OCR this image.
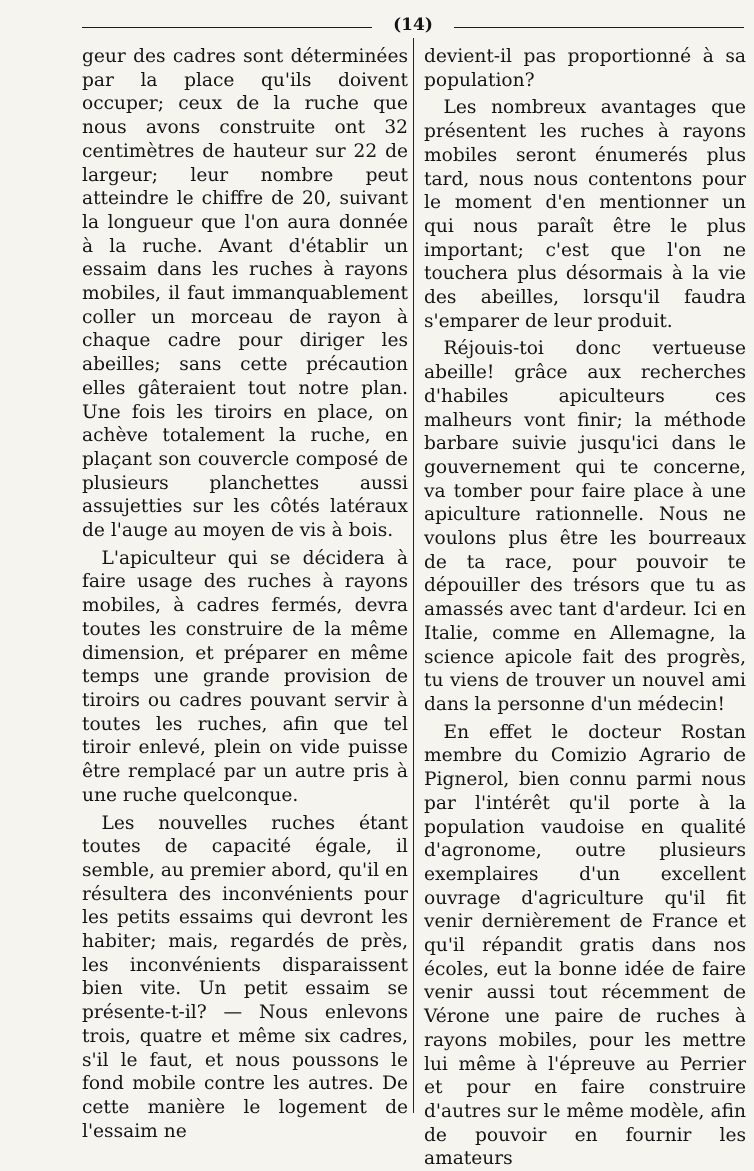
(14)

geur des cadres sont déterminées par la place qu'ils doivent occuper; ceux de la ruche que nous avons construite ont 32 centimètres de hauteur sur 22 de largeur; leur nombre peut atteindre le chiffre de 20, suivant la longueur que l'on aura donnée à la ruche. Avant d'établir un essaim dans les ruches à rayons mobiles, il faut immanquablement coller un morceau de rayon à chaque cadre pour diriger les abeilles; sans cette précaution elles gâteraient tout notre plan. Une fois les tiroirs en place, on achève totalement la ruche, en plaçant son couvercle composé de plusieurs planchettes aussi assujetties sur les côtés latéraux de l'auge au moyen de vis à bois.

L'apiculteur qui se décidera à faire usage des ruches à rayons mobiles, à cadres fermés, devra toutes les construire de la même dimension, et préparer en même temps une grande provision de tiroirs ou cadres pouvant servir à toutes les ruches, afin que tel tiroir enlevé, plein on vide puisse être remplacé par un autre pris à une ruche quelconque.

Les nouvelles ruches étant toutes de capacité égale, il semble, au premier abord, qu'il en résultera des inconvénients pour les petits essaims qui devront les habiter; mais, regardés de près, les inconvénients disparaissent bien vite. Un petit essaim se présente-t-il? — Nous enlevons trois, quatre et même six cadres, s'il le faut, et nous poussons le fond mobile contre les autres. De cette manière le logement de l'essaim ne

devient-il pas proportionné à sa population?

Les nombreux avantages que présentent les ruches à rayons mobiles seront énumerés plus tard, nous nous contentons pour le moment d'en mentionner un qui nous paraît être le plus important; c'est que l'on ne touchera plus désormais à la vie des abeilles, lorsqu'il faudra s'emparer de leur produit.

Réjouis-toi donc vertueuse abeille! grâce aux recherches d'habiles apiculteurs ces malheurs vont finir; la méthode barbare suivie jusqu'ici dans le gouvernement qui te concerne, va tomber pour faire place à une apiculture rationnelle. Nous ne voulons plus être les bourreaux de ta race, pour pouvoir te dépouiller des trésors que tu as amassés avec tant d'ardeur. Ici en Italie, comme en Allemagne, la science apicole fait des progrès, tu viens de trouver un nouvel ami dans la personne d'un médecin!

En effet le docteur Rostan membre du Comizio Agrario de Pignerol, bien connu parmi nous par l'intérêt qu'il porte à la population vaudoise en qualité d'agronome, outre plusieurs exemplaires d'un excellent ouvrage d'agriculture qu'il fit venir dernièrement de France et qu'il répandit gratis dans nos écoles, eut la bonne idée de faire venir aussi tout récemment de Vérone une paire de ruches à rayons mobiles, pour les mettre lui même à l'épreuve au Perrier et pour en faire construire d'autres sur le même modèle, afin de pouvoir en fournir les amateurs
